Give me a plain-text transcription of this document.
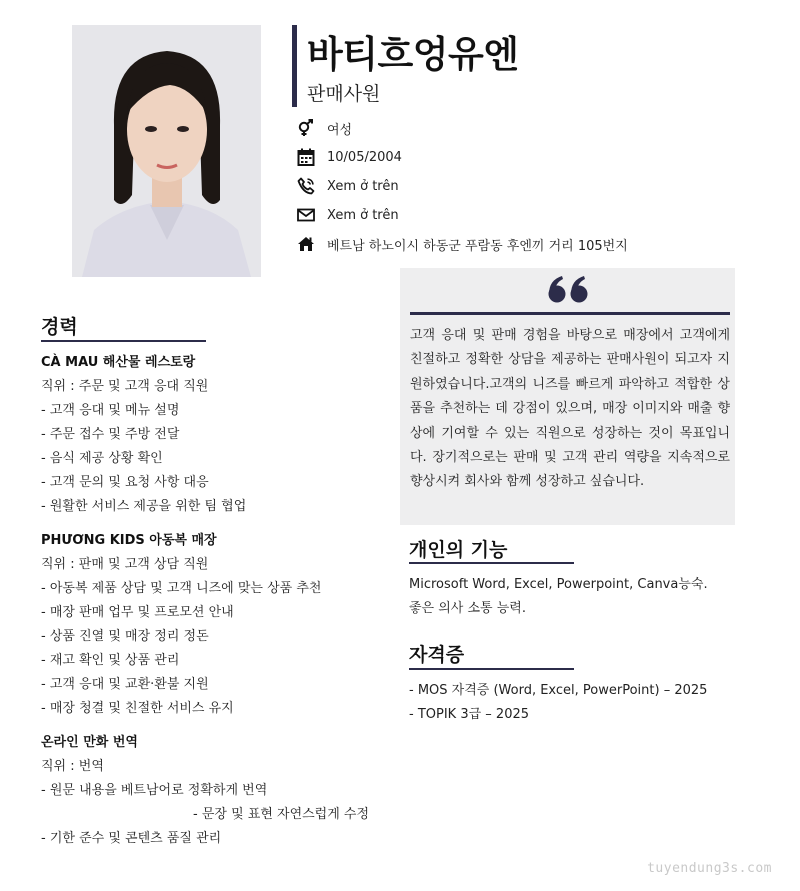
바티흐엉유엔
판매사원
여성
10/05/2004
Xem ở trên
Xem ở trên
베트남 하노이시 하동군 푸람동 후엔끼 거리 105번지
경력
CÀ MAU 해산물 레스토랑
직위 : 주문 및 고객 응대 직원
- 고객 응대 및 메뉴 설명
- 주문 접수 및 주방 전달
- 음식 제공 상황 확인
- 고객 문의 및 요청 사항 대응
- 원활한 서비스 제공을 위한 팀 협업
PHƯƠNG KIDS 아동복 매장
직위 : 판매 및 고객 상담 직원
- 아동복 제품 상담 및 고객 니즈에 맞는 상품 추천
- 매장 판매 업무 및 프로모션 안내
- 상품 진열 및 매장 정리 정돈
- 재고 확인 및 상품 관리
- 고객 응대 및 교환·환불 지원
- 매장 청결 및 친절한 서비스 유지
온라인 만화 번역
직위 : 번역
- 원문 내용을 베트남어로 정확하게 번역
- 문장 및 표현 자연스럽게 수정
- 기한 준수 및 콘텐츠 품질 관리
고객 응대 및 판매 경험을 바탕으로 매장에서 고객에게 친절하고 정확한 상담을 제공하는 판매사원이 되고자 지원하였습니다.고객의 니즈를 빠르게 파악하고 적합한 상품을 추천하는 데 강점이 있으며, 매장 이미지와 매출 향상에 기여할 수 있는 직원으로 성장하는 것이 목표입니다. 장기적으로는 판매 및 고객 관리 역량을 지속적으로 향상시켜 회사와 함께 성장하고 싶습니다.
개인의 기능
Microsoft Word, Excel, Powerpoint, Canva능숙.
좋은 의사 소통 능력.
자격증
- MOS 자격증 (Word, Excel, PowerPoint) – 2025
- TOPIK 3급 – 2025
tuyendung3s.com
